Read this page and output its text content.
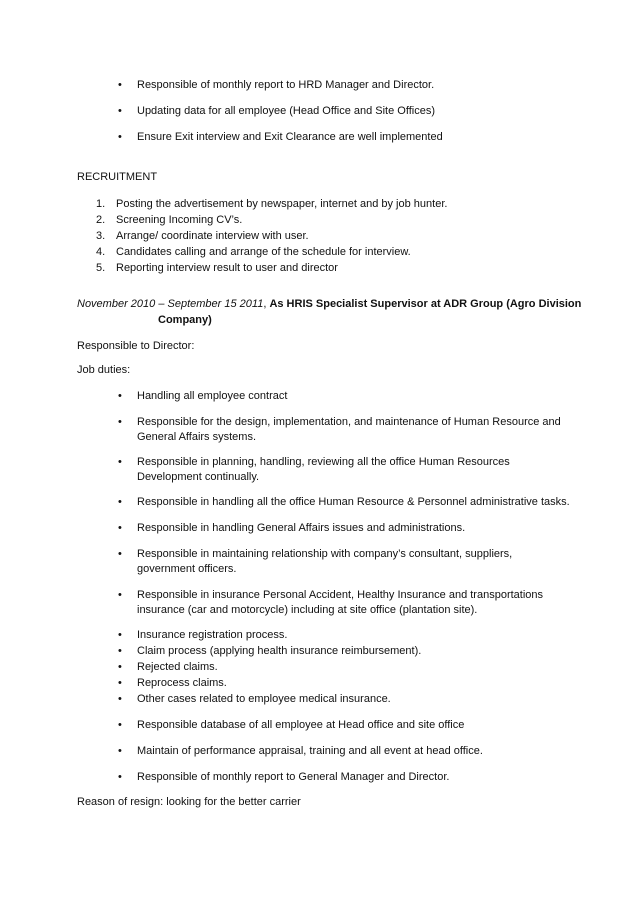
• Responsible of monthly report to HRD Manager and Director.
• Updating data for all employee (Head Office and Site Offices)
• Ensure Exit interview and Exit Clearance are well implemented
RECRUITMENT
1. Posting the advertisement by newspaper, internet and by job hunter.
2. Screening Incoming CV’s.
3. Arrange/ coordinate interview with user.
4. Candidates calling and arrange of the schedule for interview.
5. Reporting interview result to user and director
November 2010 – September 15 2011, As HRIS Specialist Supervisor at ADR Group (Agro Division
Company)
Responsible to Director:
Job duties:
• Handling all employee contract
• Responsible for the design, implementation, and maintenance of Human Resource and
General Affairs systems.
• Responsible in planning, handling, reviewing all the office Human Resources
Development continually.
• Responsible in handling all the office Human Resource & Personnel administrative tasks.
• Responsible in handling General Affairs issues and administrations.
• Responsible in maintaining relationship with company’s consultant, suppliers,
government officers.
• Responsible in insurance Personal Accident, Healthy Insurance and transportations
insurance (car and motorcycle) including at site office (plantation site).
• Insurance registration process.
• Claim process (applying health insurance reimbursement).
• Rejected claims.
• Reprocess claims.
• Other cases related to employee medical insurance.
• Responsible database of all employee at Head office and site office
• Maintain of performance appraisal, training and all event at head office.
• Responsible of monthly report to General Manager and Director.
Reason of resign: looking for the better carrier
